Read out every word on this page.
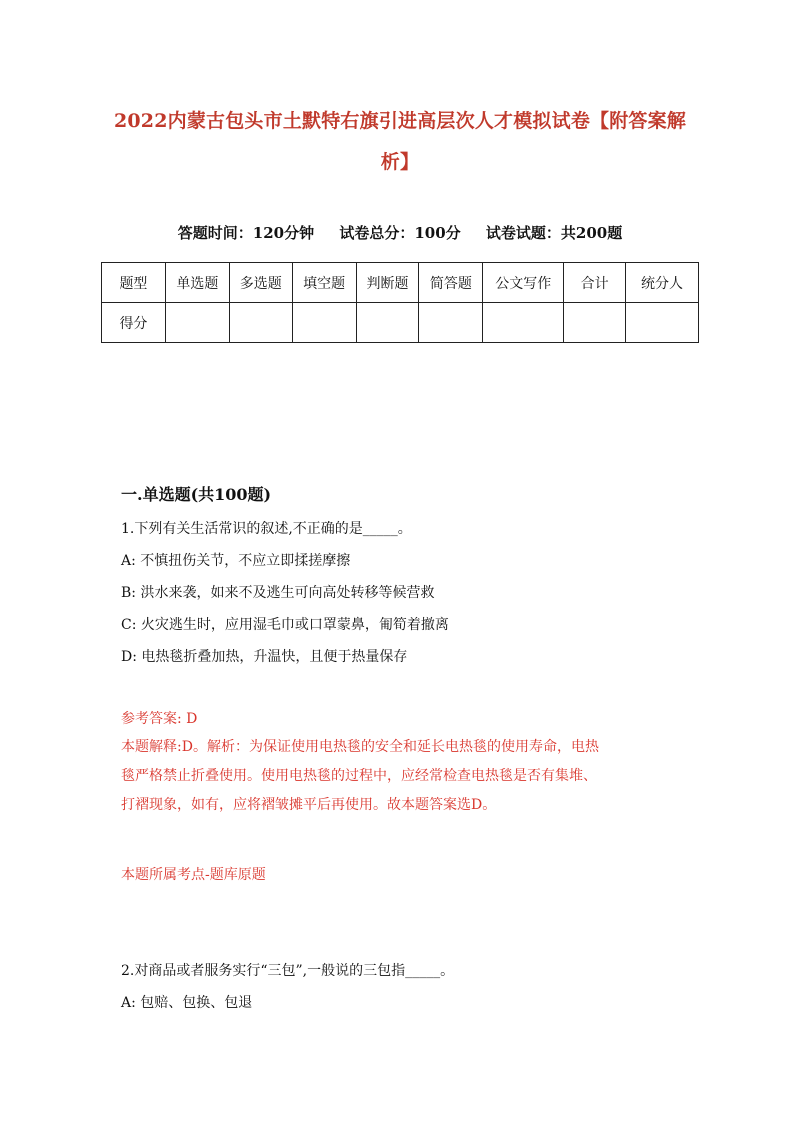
2022内蒙古包头市土默特右旗引进高层次人才模拟试卷【附答案解
析】
答题时间：120分钟 试卷总分：100分 试卷试题：共200题
题型	单选题	多选题	填空题	判断题	简答题	公文写作	合计	统分人
得分								
一.单选题(共100题)
1.下列有关生活常识的叙述,不正确的是_____。
A: 不慎扭伤关节，不应立即揉搓摩擦
B: 洪水来袭，如来不及逃生可向高处转移等候营救
C: 火灾逃生时，应用湿毛巾或口罩蒙鼻，匍筍着撤离
D: 电热毯折叠加热，升温快，且便于热量保存
参考答案: D
本题解释:D。解析：为保证使用电热毯的安全和延长电热毯的使用寿命，电热
毯严格禁止折叠使用。使用电热毯的过程中，应经常检查电热毯是否有集堆、
打褶现象，如有，应将褶皱摊平后再使用。故本题答案选D。
本题所属考点-题库原题
2.对商品或者服务实行“三包”,一般说的三包指_____。
A: 包赔、包换、包退
